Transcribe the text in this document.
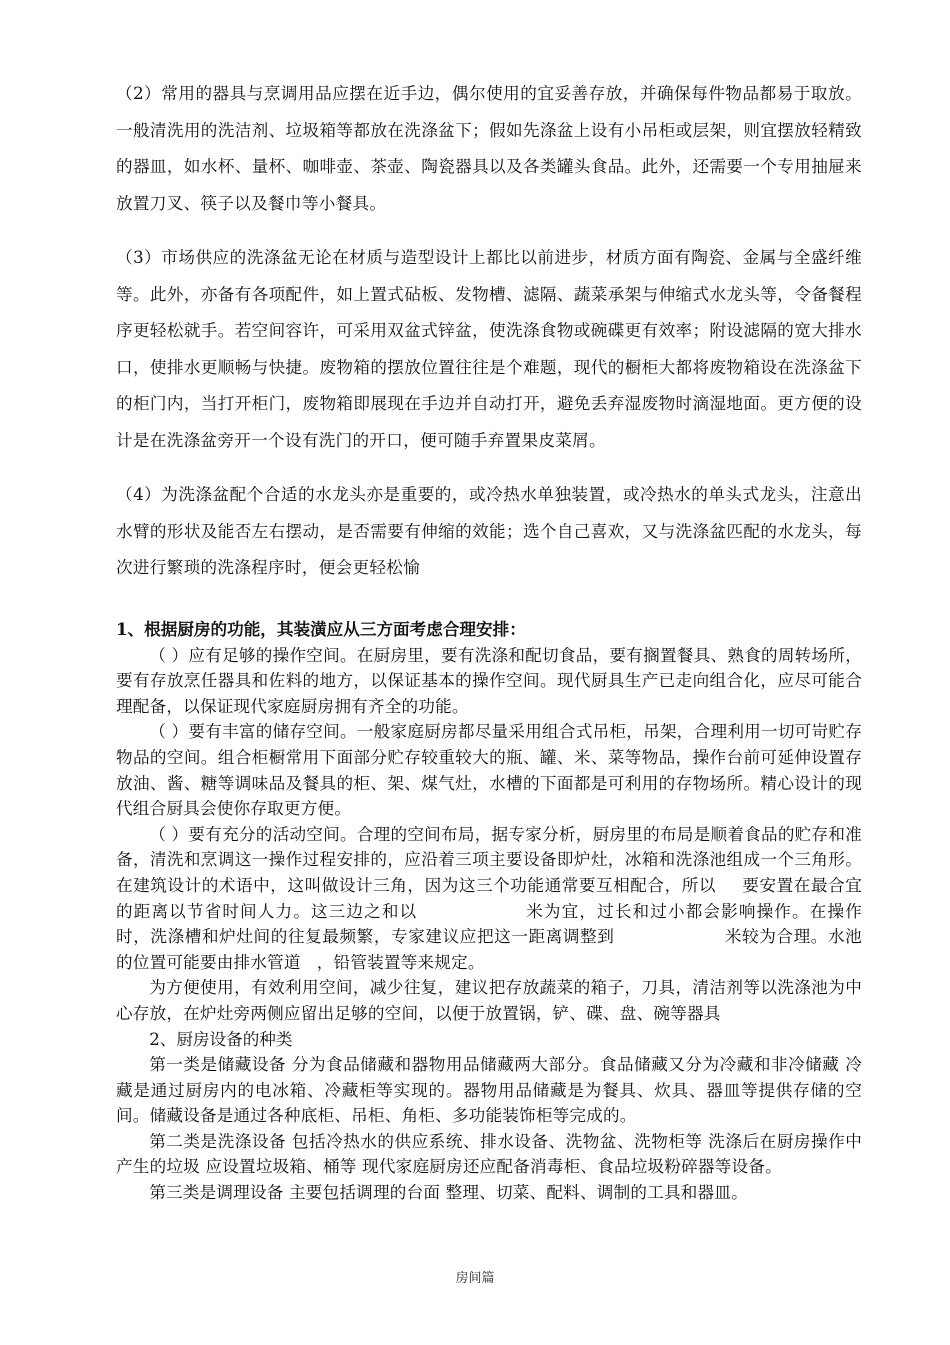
（2）常用的器具与烹调用品应摆在近手边，偶尔使用的宜妥善存放，并确保每件物品都易于取放。一般清洗用的洗洁剂、垃圾箱等都放在洗涤盆下；假如先涤盆上设有小吊柜或层架，则宜摆放轻精致的器皿，如水杯、量杯、咖啡壶、茶壶、陶瓷器具以及各类罐头食品。此外，还需要一个专用抽屉来放置刀叉、筷子以及餐巾等小餐具。

（3）市场供应的洗涤盆无论在材质与造型设计上都比以前进步，材质方面有陶瓷、金属与全盛纤维等。此外，亦备有各项配件，如上置式砧板、发物槽、滤隔、蔬菜承架与伸缩式水龙头等，令备餐程序更轻松就手。若空间容许，可采用双盆式锌盆，使洗涤食物或碗碟更有效率；附设滤隔的宽大排水口，使排水更顺畅与快捷。废物箱的摆放位置往往是个难题，现代的橱柜大都将废物箱设在洗涤盆下的柜门内，当打开柜门，废物箱即展现在手边并自动打开，避免丢弃湿废物时滴湿地面。更方便的设计是在洗涤盆旁开一个设有洗门的开口，便可随手弃置果皮菜屑。

（4）为洗涤盆配个合适的水龙头亦是重要的，或冷热水单独装置，或冷热水的单头式龙头，注意出水臂的形状及能否左右摆动，是否需要有伸缩的效能；选个自己喜欢，又与洗涤盆匹配的水龙头，每次进行繁琐的洗涤程序时，便会更轻松愉

1、根据厨房的功能，其装潢应从三方面考虑合理安排：

（ ）应有足够的操作空间。在厨房里，要有洗涤和配切食品，要有搁置餐具、熟食的周转场所，要有存放烹任器具和佐料的地方，以保证基本的操作空间。现代厨具生产已走向组合化，应尽可能合理配备，以保证现代家庭厨房拥有齐全的功能。

（ ）要有丰富的储存空间。一般家庭厨房都尽量采用组合式吊柜，吊架，合理利用一切可岢贮存物品的空间。组合柜橱常用下面部分贮存较重较大的瓶、罐、米、菜等物品，操作台前可延伸设置存放油、酱、糖等调味品及餐具的柜、架、煤气灶，水槽的下面都是可利用的存物场所。精心设计的现代组合厨具会使你存取更方便。

（ ）要有充分的活动空间。合理的空间布局，据专家分析，厨房里的布局是顺着食品的贮存和准备，清洗和烹调这一操作过程安排的，应沿着三项主要设备即炉灶，冰箱和洗涤池组成一个三角形。在建筑设计的术语中，这叫做设计三角，因为这三个功能通常要互相配合，所以 要安置在最合宜的距离以节省时间人力。这三边之和以	米为宜，过长和过小都会影响操作。在操作时，洗涤槽和炉灶间的往复最频繁，专家建议应把这一距离调整到	米较为合理。水池的位置可能要由排水管道 ，铅管装置等来规定。

为方便使用，有效利用空间，减少往复，建议把存放蔬菜的箱子，刀具，清洁剂等以洗涤池为中心存放，在炉灶旁两侧应留出足够的空间，以便于放置锅，铲、碟、盘、碗等器具

2、厨房设备的种类

第一类是储藏设备 分为食品储藏和器物用品储藏两大部分。食品储藏又分为冷藏和非冷储藏 冷藏是通过厨房内的电冰箱、冷藏柜等实现的。器物用品储藏是为餐具、炊具、器皿等提供存储的空间。储藏设备是通过各种底柜、吊柜、角柜、多功能装饰柜等完成的。

第二类是洗涤设备 包括冷热水的供应系统、排水设备、洗物盆、洗物柜等 洗涤后在厨房操作中产生的垃圾 应设置垃圾箱、桶等 现代家庭厨房还应配备消毒柜、食品垃圾粉碎器等设备。

第三类是调理设备 主要包括调理的台面 整理、切菜、配料、调制的工具和器皿。

房间篇
